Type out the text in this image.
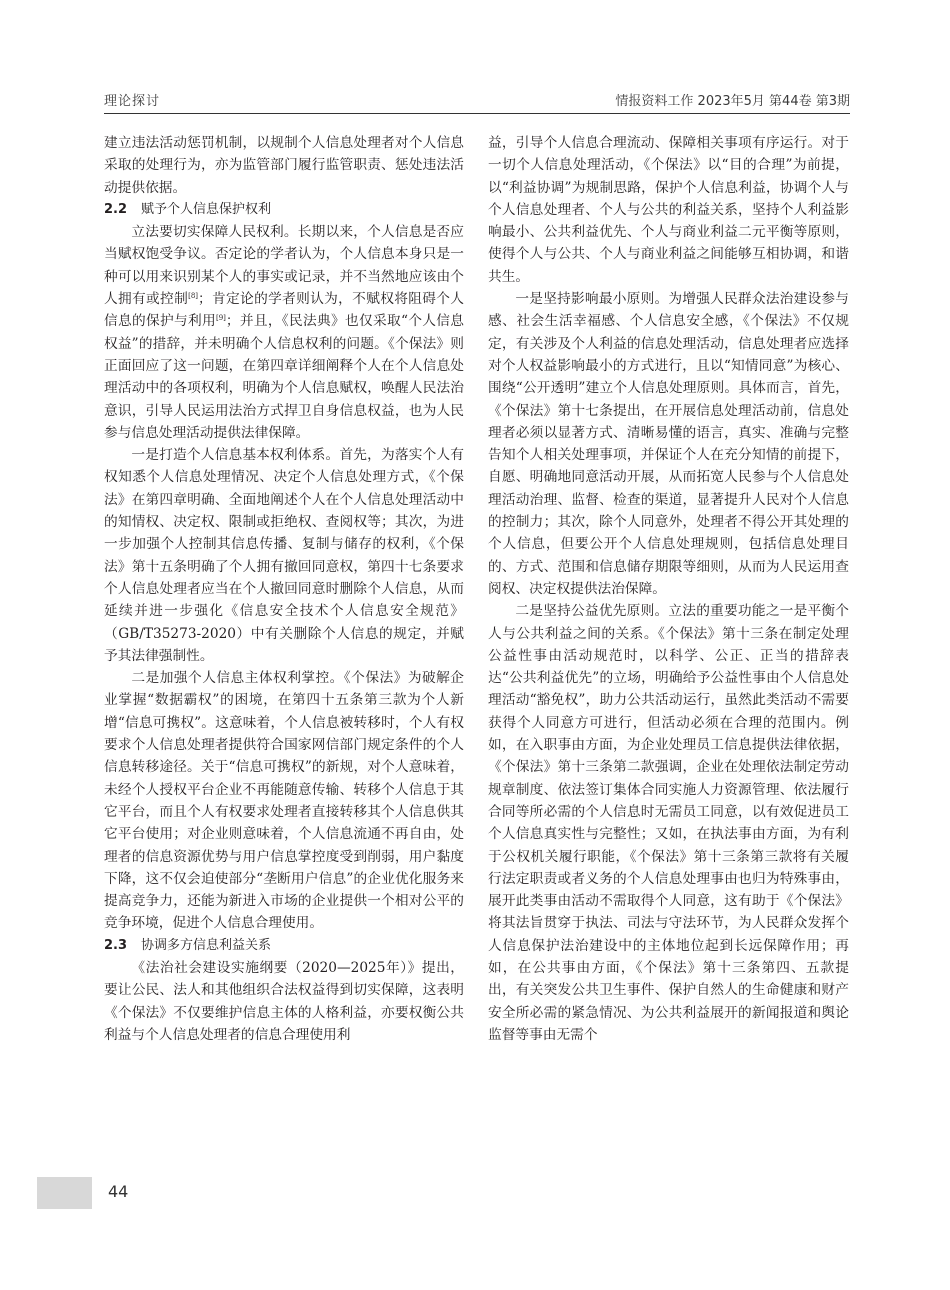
理论探讨	情报资料工作 2023年5月 第44卷 第3期

建立违法活动惩罚机制，以规制个人信息处理者对个人信息采取的处理行为，亦为监管部门履行监管职责、惩处违法活动提供依据。

2.2 赋予个人信息保护权利

立法要切实保障人民权利。长期以来，个人信息是否应当赋权饱受争议。否定论的学者认为，个人信息本身只是一种可以用来识别某个人的事实或记录，并不当然地应该由个人拥有或控制[8]；肯定论的学者则认为，不赋权将阻碍个人信息的保护与利用[9]；并且，《民法典》也仅采取“个人信息权益”的措辞，并未明确个人信息权利的问题。《个保法》则正面回应了这一问题，在第四章详细阐释个人在个人信息处理活动中的各项权利，明确为个人信息赋权，唤醒人民法治意识，引导人民运用法治方式捍卫自身信息权益，也为人民参与信息处理活动提供法律保障。

一是打造个人信息基本权利体系。首先，为落实个人有权知悉个人信息处理情况、决定个人信息处理方式，《个保法》在第四章明确、全面地阐述个人在个人信息处理活动中的知情权、决定权、限制或拒绝权、查阅权等；其次，为进一步加强个人控制其信息传播、复制与储存的权利，《个保法》第十五条明确了个人拥有撤回同意权，第四十七条要求个人信息处理者应当在个人撤回同意时删除个人信息，从而延续并进一步强化《信息安全技术个人信息安全规范》（GB/T35273-2020）中有关删除个人信息的规定，并赋予其法律强制性。

二是加强个人信息主体权利掌控。《个保法》为破解企业掌握“数据霸权”的困境，在第四十五条第三款为个人新增“信息可携权”。这意味着，个人信息被转移时，个人有权要求个人信息处理者提供符合国家网信部门规定条件的个人信息转移途径。关于“信息可携权”的新规，对个人意味着，未经个人授权平台企业不再能随意传输、转移个人信息于其它平台，而且个人有权要求处理者直接转移其个人信息供其它平台使用；对企业则意味着，个人信息流通不再自由，处理者的信息资源优势与用户信息掌控度受到削弱，用户黏度下降，这不仅会迫使部分“垄断用户信息”的企业优化服务来提高竞争力，还能为新进入市场的企业提供一个相对公平的竞争环境，促进个人信息合理使用。

2.3 协调多方信息利益关系

《法治社会建设实施纲要（2020—2025年）》提出，要让公民、法人和其他组织合法权益得到切实保障，这表明《个保法》不仅要维护信息主体的人格利益，亦要权衡公共利益与个人信息处理者的信息合理使用利

益，引导个人信息合理流动、保障相关事项有序运行。对于一切个人信息处理活动，《个保法》以“目的合理”为前提，以“利益协调”为规制思路，保护个人信息利益，协调个人与个人信息处理者、个人与公共的利益关系，坚持个人利益影响最小、公共利益优先、个人与商业利益二元平衡等原则，使得个人与公共、个人与商业利益之间能够互相协调，和谐共生。

一是坚持影响最小原则。为增强人民群众法治建设参与感、社会生活幸福感、个人信息安全感，《个保法》不仅规定，有关涉及个人利益的信息处理活动，信息处理者应选择对个人权益影响最小的方式进行，且以“知情同意”为核心、围绕“公开透明”建立个人信息处理原则。具体而言，首先，《个保法》第十七条提出，在开展信息处理活动前，信息处理者必须以显著方式、清晰易懂的语言，真实、准确与完整告知个人相关处理事项，并保证个人在充分知情的前提下，自愿、明确地同意活动开展，从而拓宽人民参与个人信息处理活动治理、监督、检查的渠道，显著提升人民对个人信息的控制力；其次，除个人同意外，处理者不得公开其处理的个人信息，但要公开个人信息处理规则，包括信息处理目的、方式、范围和信息储存期限等细则，从而为人民运用查阅权、决定权提供法治保障。

二是坚持公益优先原则。立法的重要功能之一是平衡个人与公共利益之间的关系。《个保法》第十三条在制定处理公益性事由活动规范时，以科学、公正、正当的措辞表达“公共利益优先”的立场，明确给予公益性事由个人信息处理活动“豁免权”，助力公共活动运行，虽然此类活动不需要获得个人同意方可进行，但活动必须在合理的范围内。例如，在入职事由方面，为企业处理员工信息提供法律依据，《个保法》第十三条第二款强调，企业在处理依法制定劳动规章制度、依法签订集体合同实施人力资源管理、依法履行合同等所必需的个人信息时无需员工同意，以有效促进员工个人信息真实性与完整性；又如，在执法事由方面，为有利于公权机关履行职能，《个保法》第十三条第三款将有关履行法定职责或者义务的个人信息处理事由也归为特殊事由，展开此类事由活动不需取得个人同意，这有助于《个保法》将其法旨贯穿于执法、司法与守法环节，为人民群众发挥个人信息保护法治建设中的主体地位起到长远保障作用；再如，在公共事由方面，《个保法》第十三条第四、五款提出，有关突发公共卫生事件、保护自然人的生命健康和财产安全所必需的紧急情况、为公共利益展开的新闻报道和舆论监督等事由无需个

44
